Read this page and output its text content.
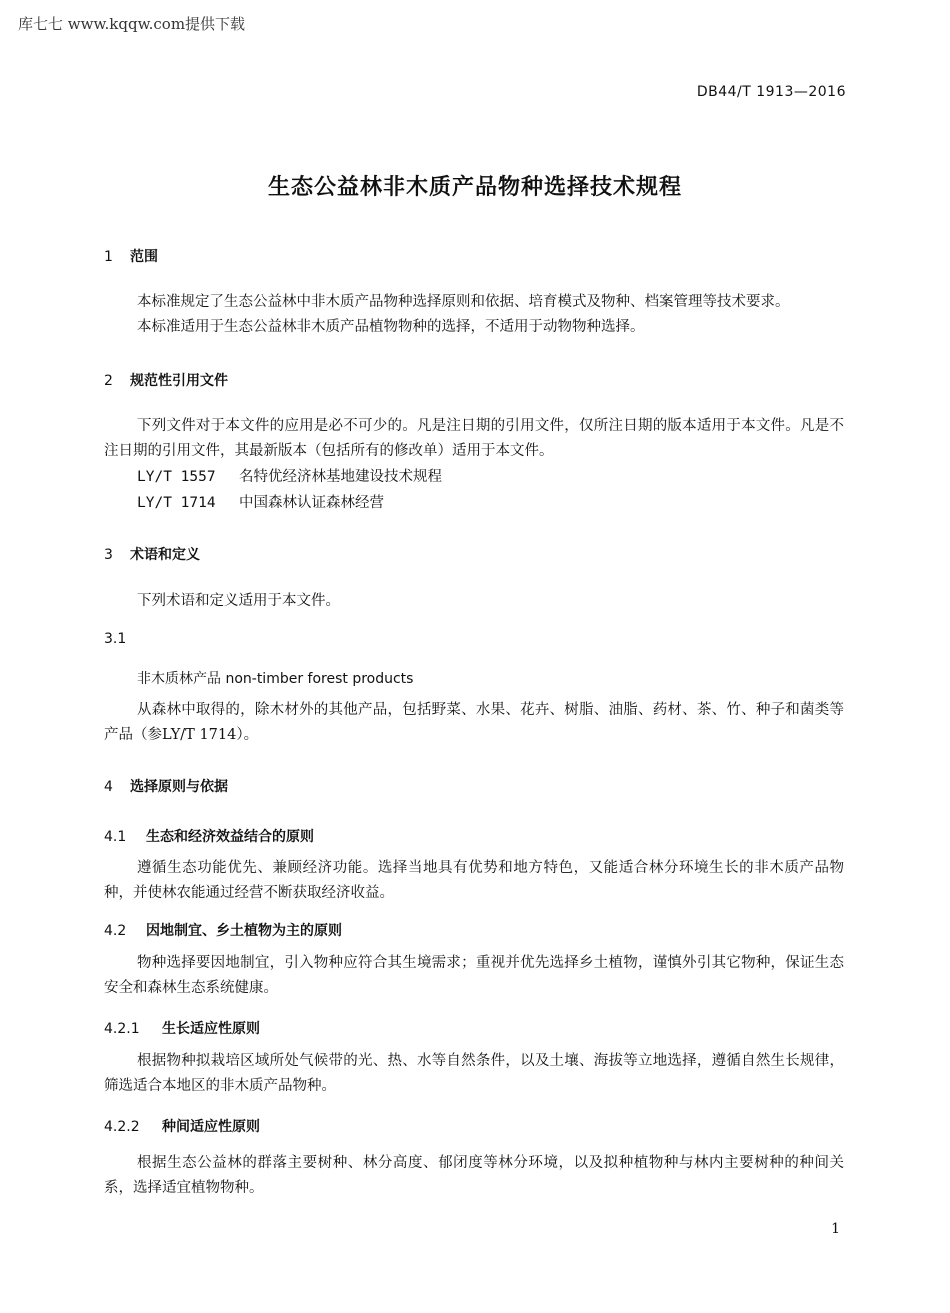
库七七 www.kqqw.com提供下载
DB44/T 1913—2016
生态公益林非木质产品物种选择技术规程
1 范围
本标准规定了生态公益林中非木质产品物种选择原则和依据、培育模式及物种、档案管理等技术要求。
本标准适用于生态公益林非木质产品植物物种的选择，不适用于动物物种选择。
2 规范性引用文件
下列文件对于本文件的应用是必不可少的。凡是注日期的引用文件，仅所注日期的版本适用于本文件。凡是不注日期的引用文件，其最新版本（包括所有的修改单）适用于本文件。
LY/T 1557 名特优经济林基地建设技术规程
LY/T 1714 中国森林认证森林经营
3 术语和定义
下列术语和定义适用于本文件。
3.1
非木质林产品 non-timber forest products
从森林中取得的，除木材外的其他产品，包括野菜、水果、花卉、树脂、油脂、药材、茶、竹、种子和菌类等产品（参LY/T 1714）。
4 选择原则与依据
4.1 生态和经济效益结合的原则
遵循生态功能优先、兼顾经济功能。选择当地具有优势和地方特色，又能适合林分环境生长的非木质产品物种，并使林农能通过经营不断获取经济收益。
4.2 因地制宜、乡土植物为主的原则
物种选择要因地制宜，引入物种应符合其生境需求；重视并优先选择乡土植物，谨慎外引其它物种，保证生态安全和森林生态系统健康。
4.2.1 生长适应性原则
根据物种拟栽培区域所处气候带的光、热、水等自然条件，以及土壤、海拔等立地选择，遵循自然生长规律，筛选适合本地区的非木质产品物种。
4.2.2 种间适应性原则
根据生态公益林的群落主要树种、林分高度、郁闭度等林分环境，以及拟种植物种与林内主要树种的种间关系，选择适宜植物物种。
1
